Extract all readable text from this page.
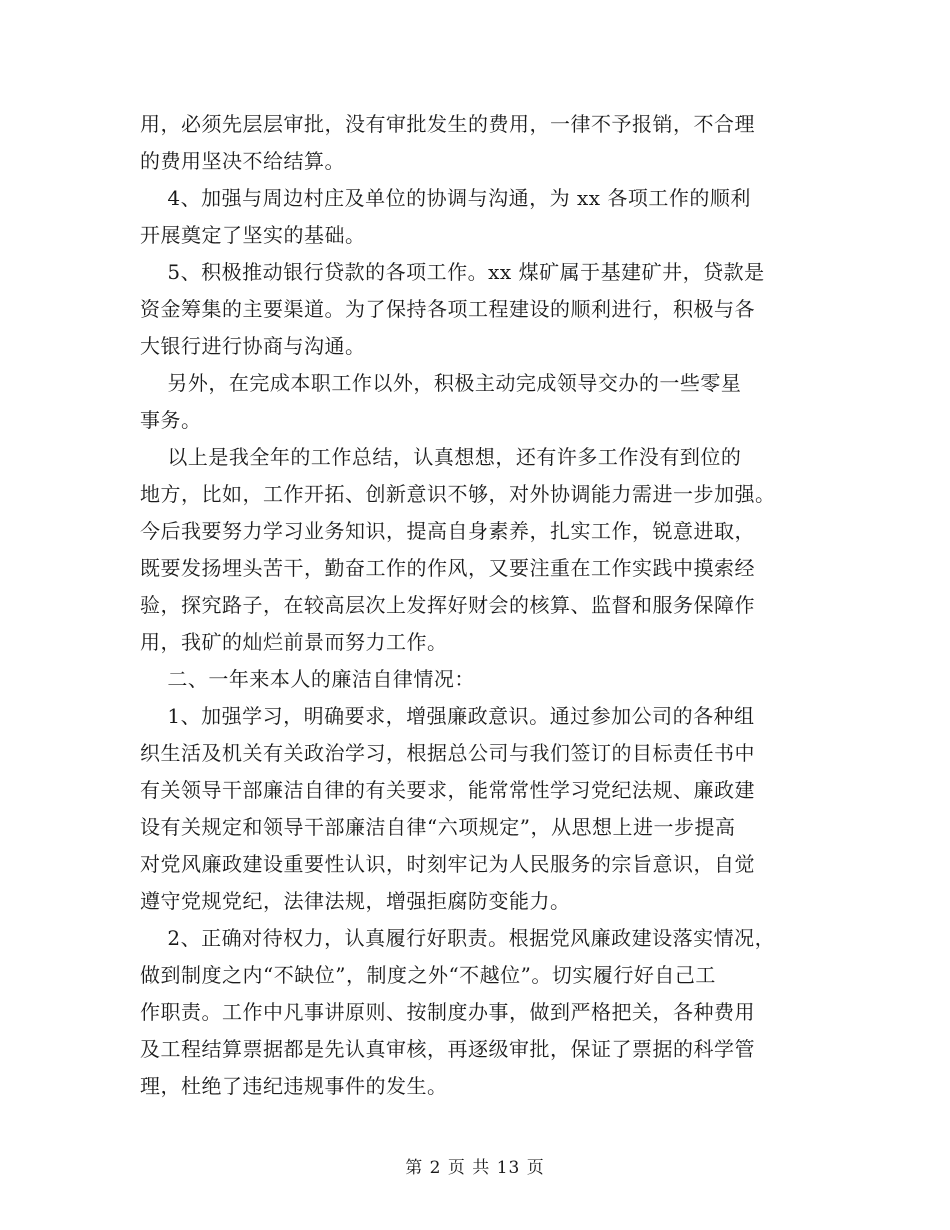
用，必须先层层审批，没有审批发生的费用，一律不予报销，不合理
的费用坚决不给结算。
4、加强与周边村庄及单位的协调与沟通，为 xx 各项工作的顺利
开展奠定了坚实的基础。
5、积极推动银行贷款的各项工作。xx 煤矿属于基建矿井，贷款是
资金筹集的主要渠道。为了保持各项工程建设的顺利进行，积极与各
大银行进行协商与沟通。
另外，在完成本职工作以外，积极主动完成领导交办的一些零星
事务。
以上是我全年的工作总结，认真想想，还有许多工作没有到位的
地方，比如，工作开拓、创新意识不够，对外协调能力需进一步加强。
今后我要努力学习业务知识，提高自身素养，扎实工作，锐意进取，
既要发扬埋头苦干，勤奋工作的作风，又要注重在工作实践中摸索经
验，探究路子，在较高层次上发挥好财会的核算、监督和服务保障作
用，我矿的灿烂前景而努力工作。
二、一年来本人的廉洁自律情况：
1、加强学习，明确要求，增强廉政意识。通过参加公司的各种组
织生活及机关有关政治学习，根据总公司与我们签订的目标责任书中
有关领导干部廉洁自律的有关要求，能常常性学习党纪法规、廉政建
设有关规定和领导干部廉洁自律“六项规定”，从思想上进一步提高
对党风廉政建设重要性认识，时刻牢记为人民服务的宗旨意识，自觉
遵守党规党纪，法律法规，增强拒腐防变能力。
2、正确对待权力，认真履行好职责。根据党风廉政建设落实情况，
做到制度之内“不缺位”，制度之外“不越位”。切实履行好自己工
作职责。工作中凡事讲原则、按制度办事，做到严格把关，各种费用
及工程结算票据都是先认真审核，再逐级审批，保证了票据的科学管
理，杜绝了违纪违规事件的发生。
第 2 页 共 13 页
